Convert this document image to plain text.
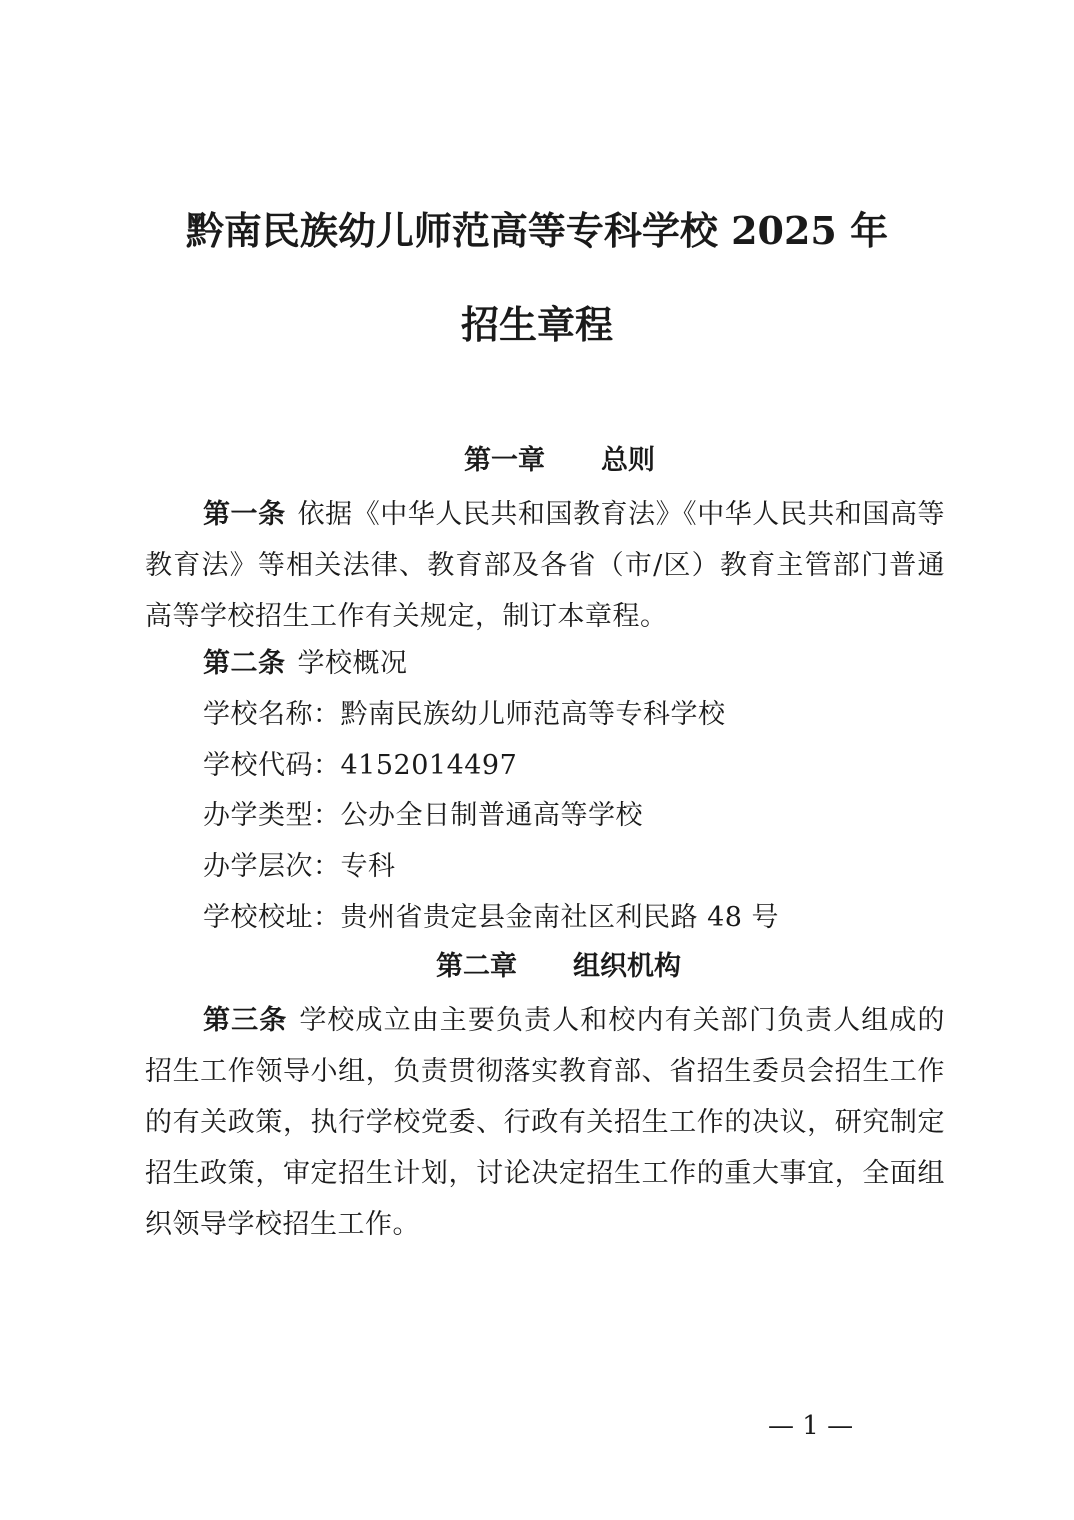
黔南民族幼儿师范高等专科学校 2025 年
招生章程
第一章 总则

第一条 依据《中华人民共和国教育法》《中华人民共和国高等教育法》等相关法律、教育部及各省（市/区）教育主管部门普通高等学校招生工作有关规定，制订本章程。

第二条 学校概况
学校名称：黔南民族幼儿师范高等专科学校
学校代码：4152014497
办学类型：公办全日制普通高等学校
办学层次：专科
学校校址：贵州省贵定县金南社区利民路 48 号
第二章 组织机构

第三条 学校成立由主要负责人和校内有关部门负责人组成的招生工作领导小组，负责贯彻落实教育部、省招生委员会招生工作的有关政策，执行学校党委、行政有关招生工作的决议，研究制定招生政策，审定招生计划，讨论决定招生工作的重大事宜，全面组织领导学校招生工作。

— 1 —
